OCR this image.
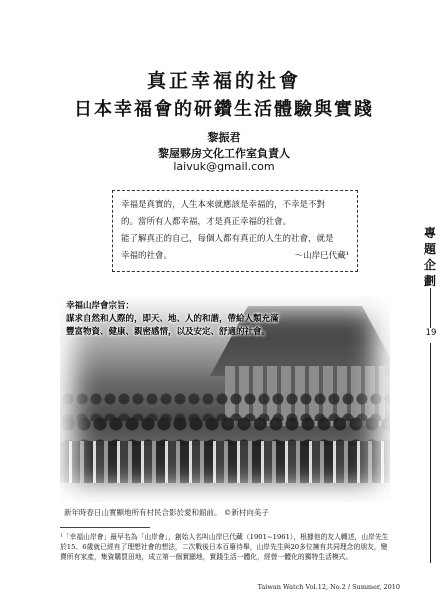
真正幸福的社會
日本幸福會的研鑽生活體驗與實踐
黎振君
黎屋夥房文化工作室負責人
laivuk@gmail.com
幸福是真實的，人生本來就應該是幸福的，不幸是不對
的。當所有人都幸福，才是真正幸福的社會。
能了解真正的自己，每個人都有真正的人生的社會，就是
幸福的社會。	～山岸巳代藏¹
專
題
企
劃
19
幸福山岸會宗旨：
謀求自然和人際的，即天、地、人的和諧，帶給人類充滿
豐富物資、健康、親密感情，以及安定、舒適的社會。
新年時春日山實顯地所有村民合影於愛和館前。 ©新村向美子
¹「幸福山岸會」最早名為「山岸會」，創始人名叫山岸巳代藏（1901~1961），根據他的友人轉述，山岸先生於15、6歲就已經有了理想社會的想法，二次戰後日本百廢待舉，山岸先生與20多位擁有共同理念的朋友，變賣所有家產，集資購買田地，成立第一個實顯地，實踐生活一體化，經營一體化的獨特生活模式。
Taiwan Watch Vol.12, No.2 / Summer, 2010
